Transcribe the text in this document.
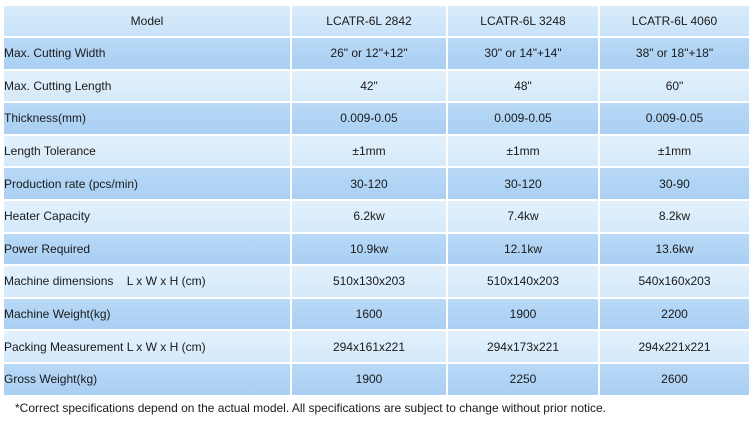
Model	LCATR-6L 2842	LCATR-6L 3248	LCATR-6L 4060
Max. Cutting Width	26" or 12"+12"	30" or 14"+14"	38" or 18"+18"
Max. Cutting Length	42"	48"	60"
Thickness(mm)	0.009-0.05	0.009-0.05	0.009-0.05
Length Tolerance	±1mm	±1mm	±1mm
Production rate (pcs/min)	30-120	30-120	30-90
Heater Capacity	6.2kw	7.4kw	8.2kw
Power Required	10.9kw	12.1kw	13.6kw
Machine dimensions    L x W x H (cm)	510x130x203	510x140x203	540x160x203
Machine Weight(kg)	1600	1900	2200
Packing Measurement L x W x H (cm)	294x161x221	294x173x221	294x221x221
Gross Weight(kg)	1900	2250	2600
*Correct specifications depend on the actual model. All specifications are subject to change without prior notice.
